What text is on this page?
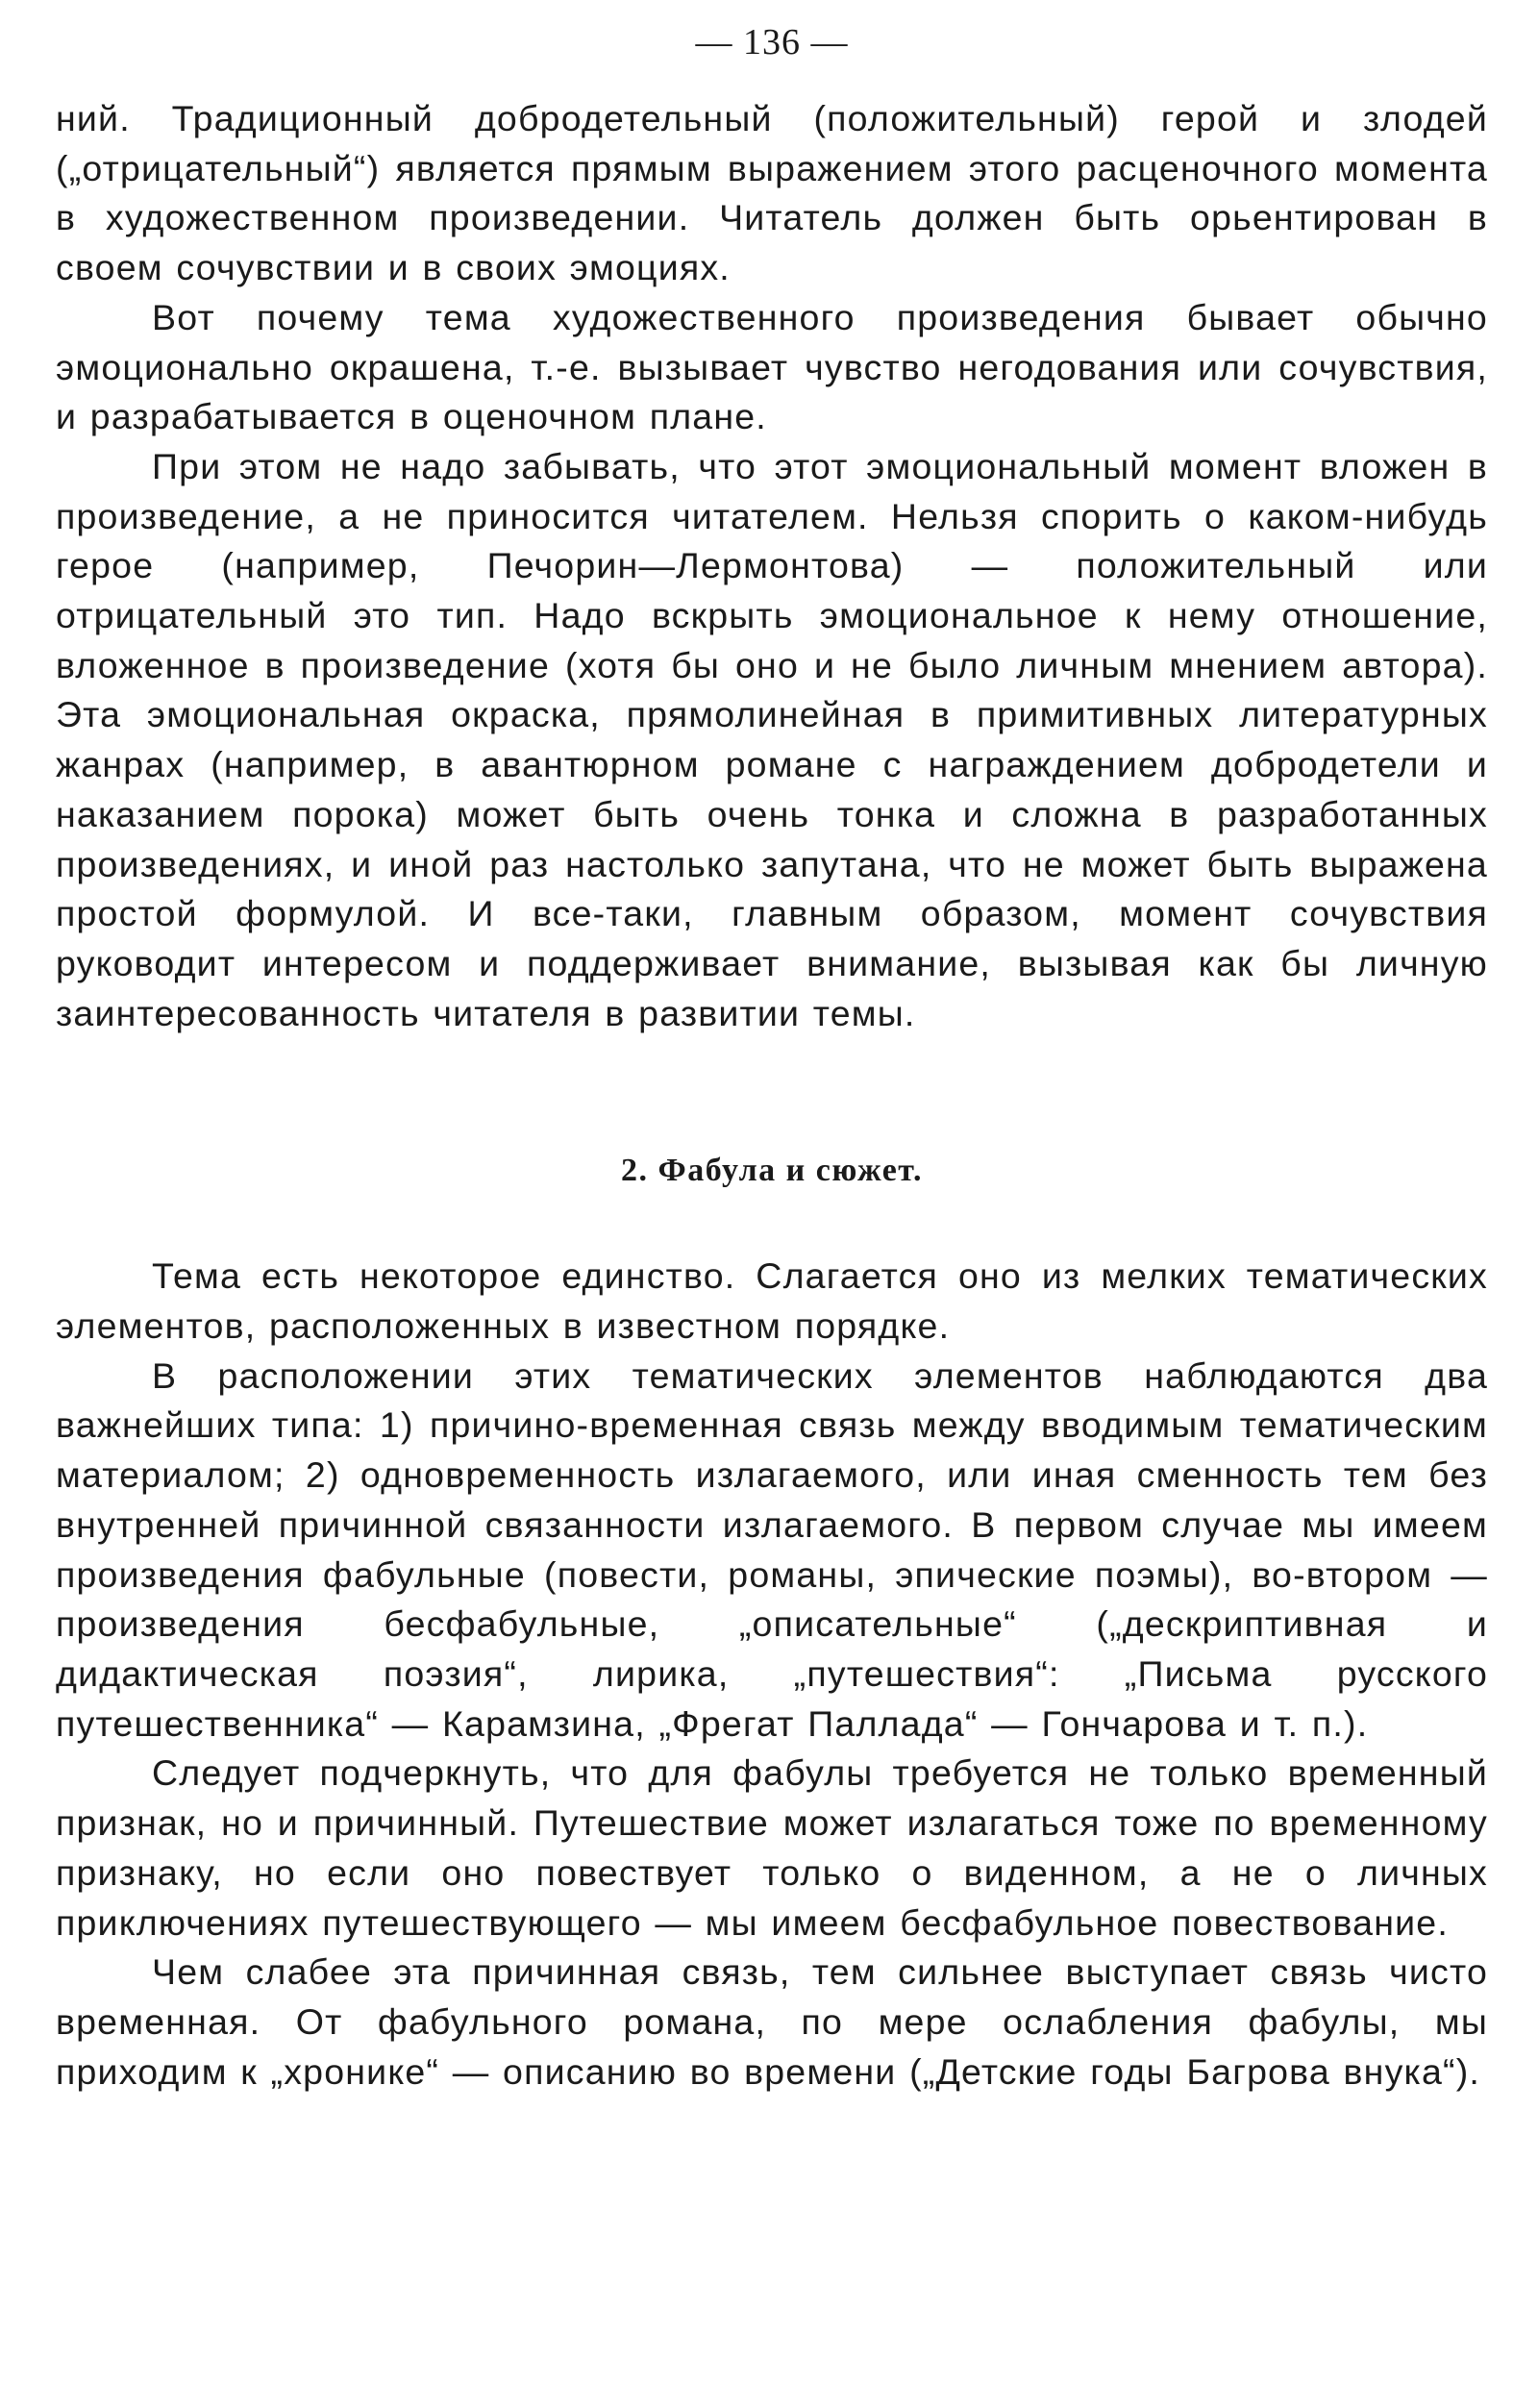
— 136 —

ний. Традиционный добродетельный (положительный) герой и злодей („отрицательный“) является прямым выражением этого расценочного момента в художественном произведении. Читатель должен быть орьентирован в своем сочувствии и в своих эмоциях.

Вот почему тема художественного произведения бывает обычно эмоционально окрашена, т.-е. вызывает чувство негодования или сочувствия, и разрабатывается в оценочном плане.

При этом не надо забывать, что этот эмоциональный момент вложен в произведение, а не приносится читателем. Нельзя спорить о каком-нибудь герое (например, Печорин—Лермонтова) — положительный или отрицательный это тип. Надо вскрыть эмоциональное к нему отношение, вложенное в произведение (хотя бы оно и не было личным мнением автора). Эта эмоциональная окраска, прямолинейная в примитивных литературных жанрах (например, в авантюрном романе с награждением добродетели и наказанием порока) может быть очень тонка и сложна в разработанных произведениях, и иной раз настолько запутана, что не может быть выражена простой формулой. И все-таки, главным образом, момент сочувствия руководит интересом и поддерживает внимание, вызывая как бы личную заинтересованность читателя в развитии темы.

2. Фабула и сюжет.

Тема есть некоторое единство. Слагается оно из мелких тематических элементов, расположенных в известном порядке.

В расположении этих тематических элементов наблюдаются два важнейших типа: 1) причино-временная связь между вводимым тематическим материалом; 2) одновременность излагаемого, или иная сменность тем без внутренней причинной связанности излагаемого. В первом случае мы имеем произведения фабульные (повести, романы, эпические поэмы), во-втором — произведения бесфабульные, „описательные“ („дескриптивная и дидактическая поэзия“, лирика, „путешествия“: „Письма русского путешественника“ — Карамзина, „Фрегат Паллада“ — Гончарова и т. п.).

Следует подчеркнуть, что для фабулы требуется не только временный признак, но и причинный. Путешествие может излагаться тоже по временному признаку, но если оно повествует только о виденном, а не о личных приключениях путешествующего — мы имеем бесфабульное повествование.

Чем слабее эта причинная связь, тем сильнее выступает связь чисто временная. От фабульного романа, по мере ослабления фабулы, мы приходим к „хронике“ — описанию во времени („Детские годы Багрова внука“).
